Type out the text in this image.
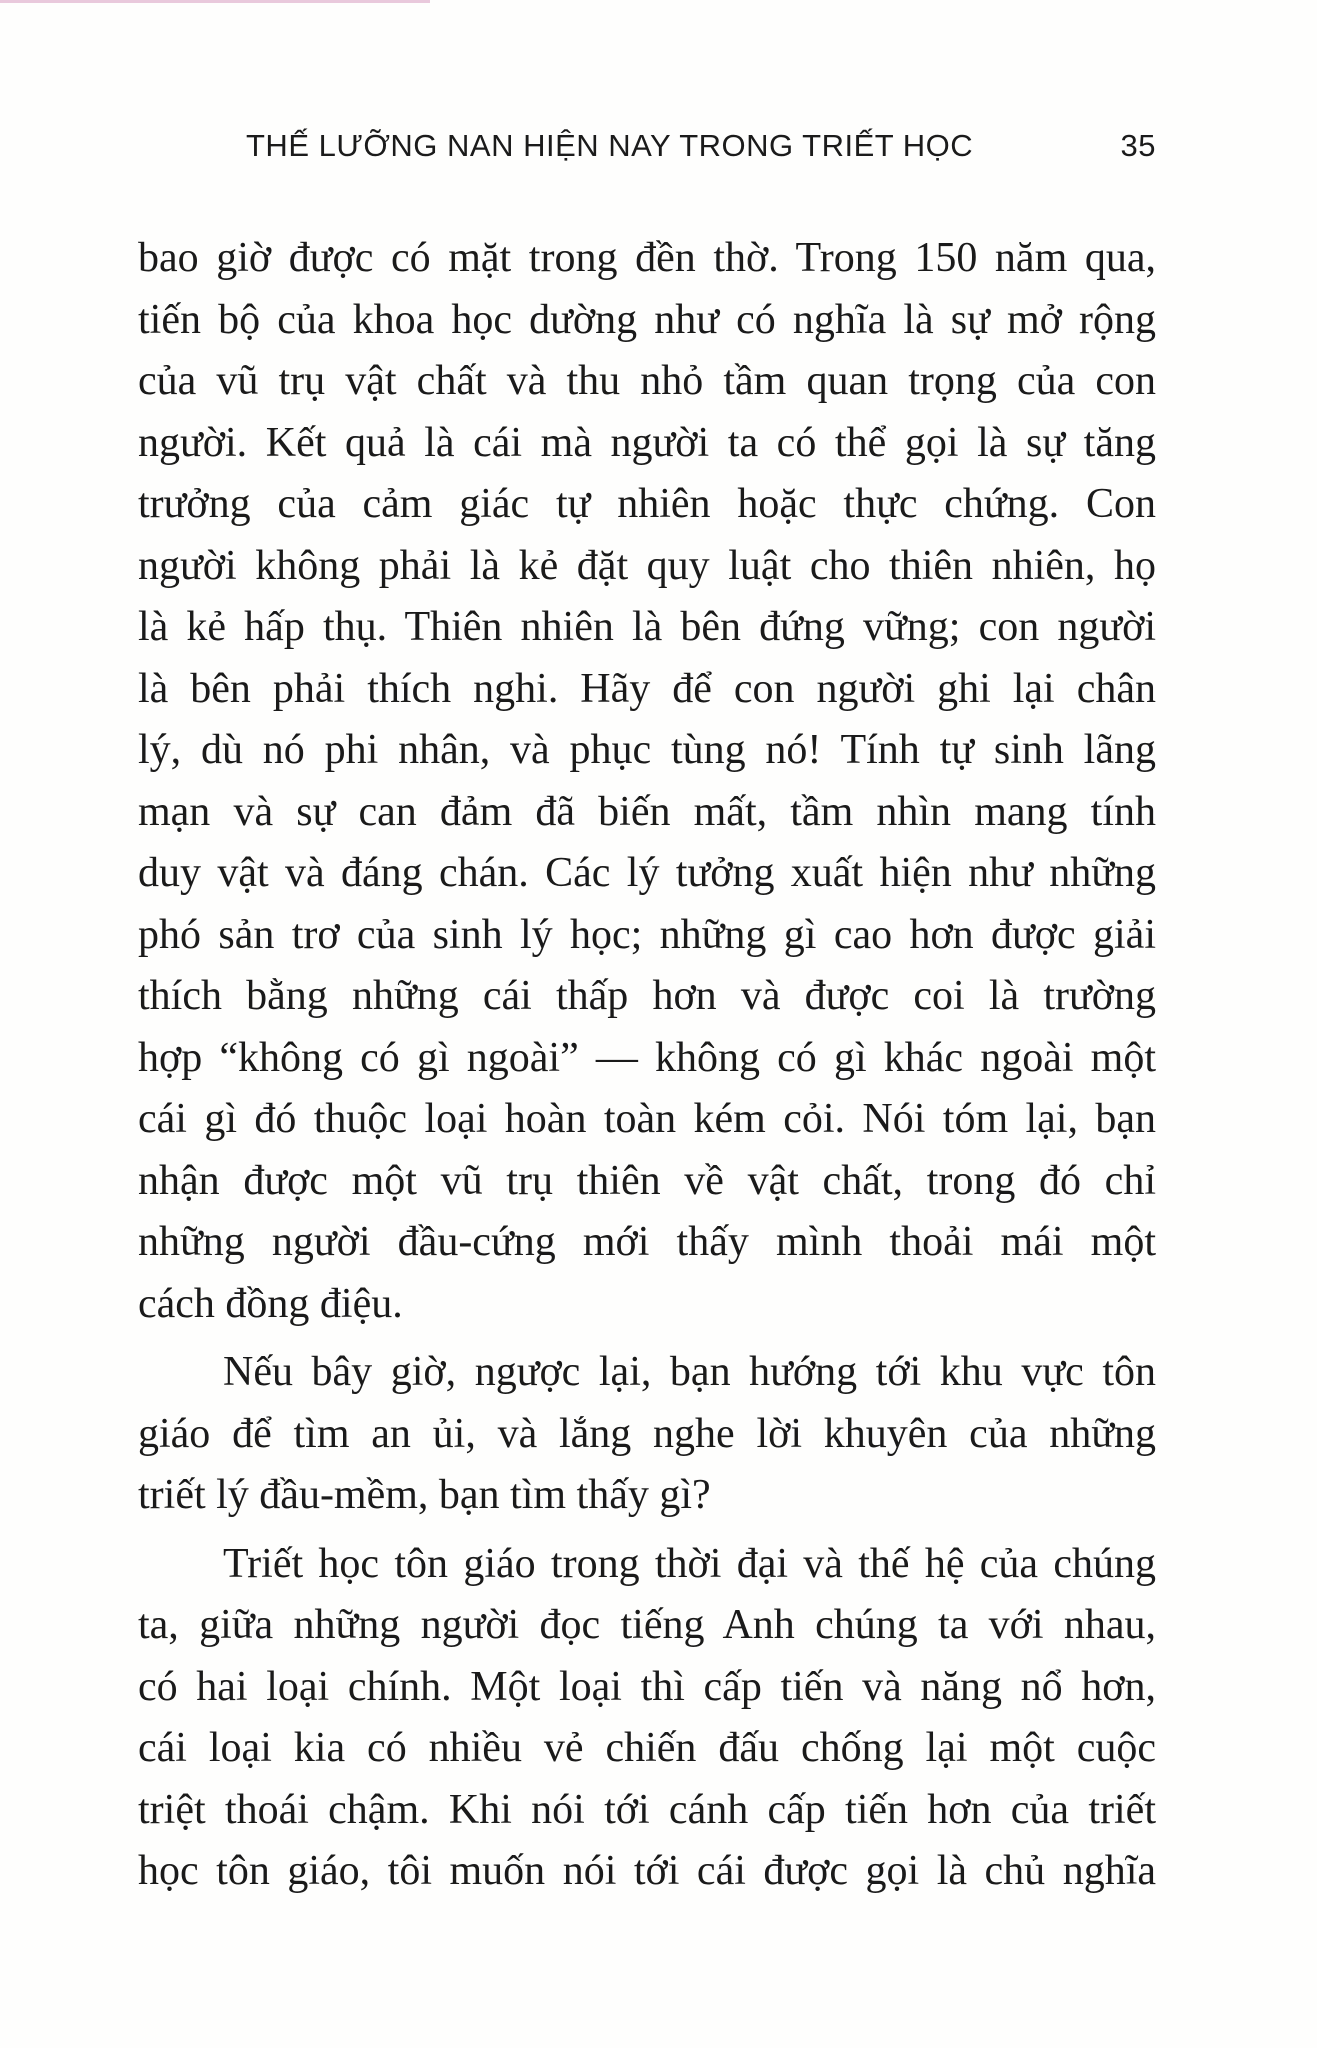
THẾ LƯỠNG NAN HIỆN NAY TRONG TRIẾT HỌC	35
bao giờ được có mặt trong đền thờ. Trong 150 năm qua,
tiến bộ của khoa học dường như có nghĩa là sự mở rộng
của vũ trụ vật chất và thu nhỏ tầm quan trọng của con
người. Kết quả là cái mà người ta có thể gọi là sự tăng
trưởng của cảm giác tự nhiên hoặc thực chứng. Con
người không phải là kẻ đặt quy luật cho thiên nhiên, họ
là kẻ hấp thụ. Thiên nhiên là bên đứng vững; con người
là bên phải thích nghi. Hãy để con người ghi lại chân
lý, dù nó phi nhân, và phục tùng nó! Tính tự sinh lãng
mạn và sự can đảm đã biến mất, tầm nhìn mang tính
duy vật và đáng chán. Các lý tưởng xuất hiện như những
phó sản trơ của sinh lý học; những gì cao hơn được giải
thích bằng những cái thấp hơn và được coi là trường
hợp “không có gì ngoài” — không có gì khác ngoài một
cái gì đó thuộc loại hoàn toàn kém cỏi. Nói tóm lại, bạn
nhận được một vũ trụ thiên về vật chất, trong đó chỉ
những người đầu-cứng mới thấy mình thoải mái một
cách đồng điệu.
Nếu bây giờ, ngược lại, bạn hướng tới khu vực tôn
giáo để tìm an ủi, và lắng nghe lời khuyên của những
triết lý đầu-mềm, bạn tìm thấy gì?
Triết học tôn giáo trong thời đại và thế hệ của chúng
ta, giữa những người đọc tiếng Anh chúng ta với nhau,
có hai loại chính. Một loại thì cấp tiến và năng nổ hơn,
cái loại kia có nhiều vẻ chiến đấu chống lại một cuộc
triệt thoái chậm. Khi nói tới cánh cấp tiến hơn của triết
học tôn giáo, tôi muốn nói tới cái được gọi là chủ nghĩa
